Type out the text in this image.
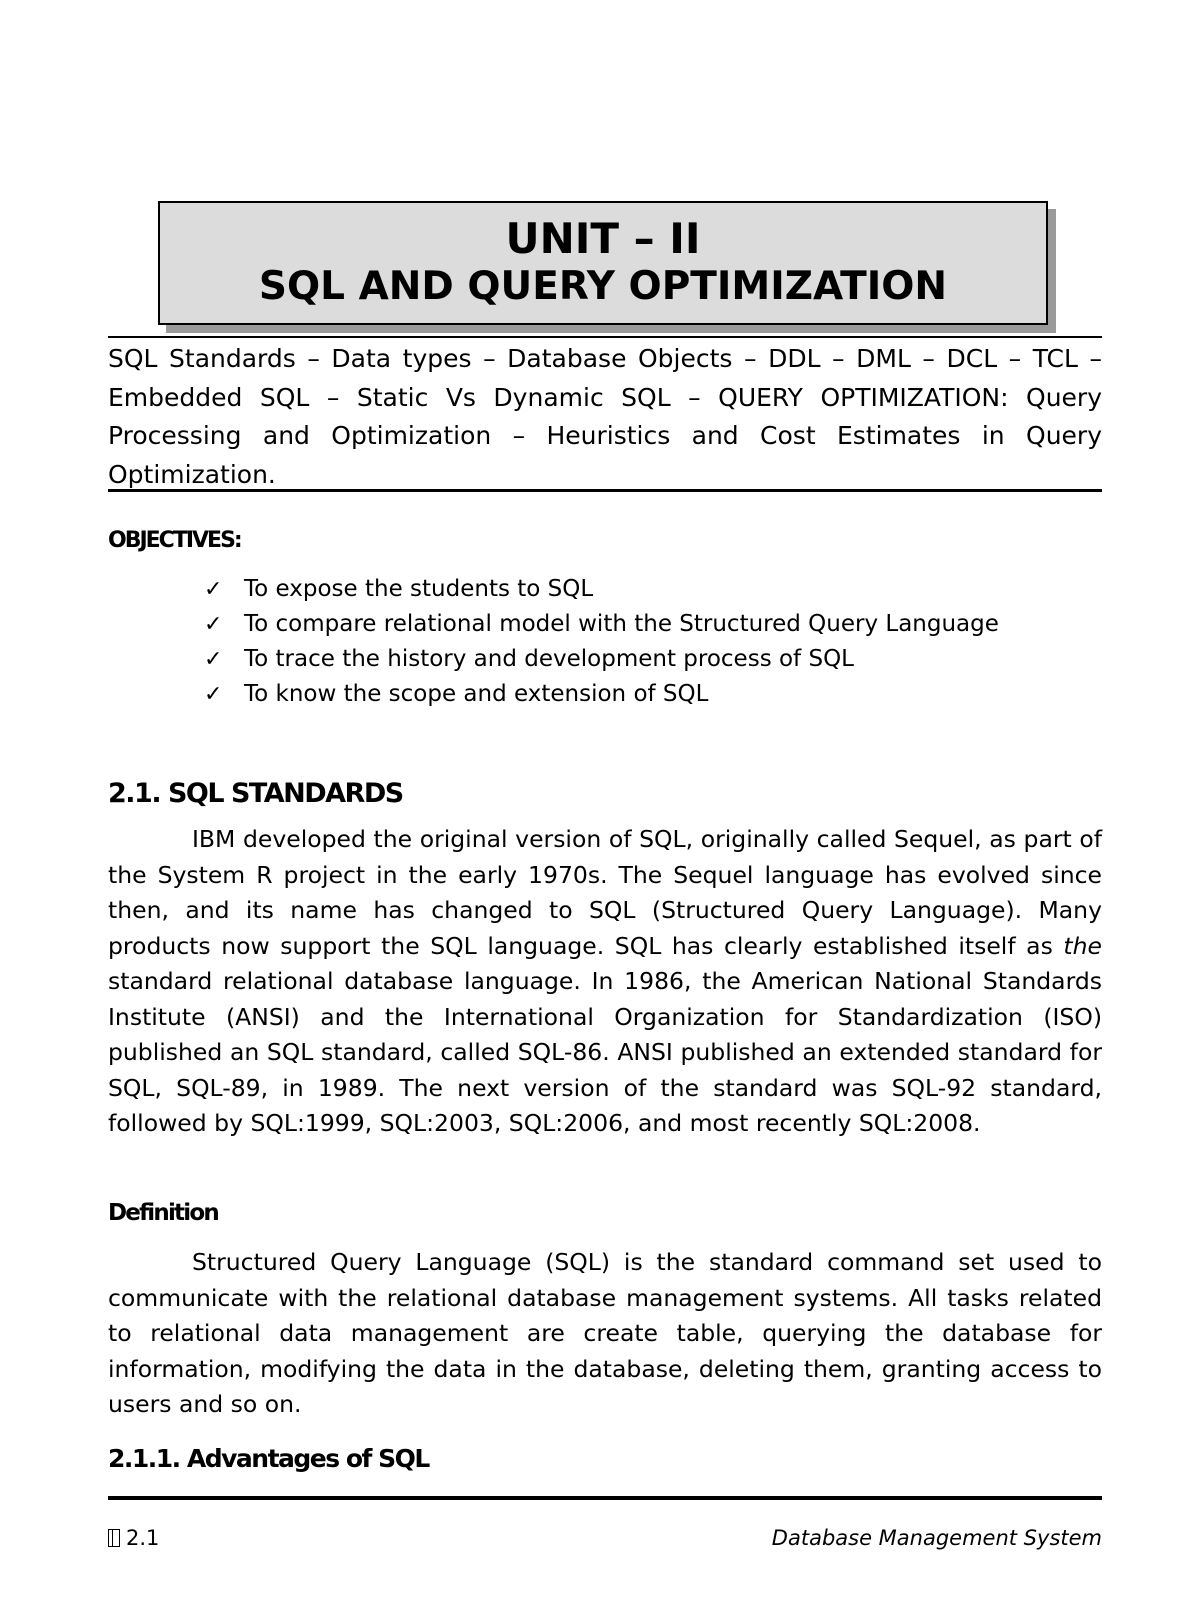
UNIT – II
SQL AND QUERY OPTIMIZATION
SQL Standards – Data types – Database Objects – DDL – DML – DCL – TCL – Embedded SQL – Static Vs Dynamic SQL – QUERY OPTIMIZATION: Query Processing and Optimization – Heuristics and Cost Estimates in Query Optimization.
OBJECTIVES:
✓ To expose the students to SQL
✓ To compare relational model with the Structured Query Language
✓ To trace the history and development process of SQL
✓ To know the scope and extension of SQL
2.1. SQL STANDARDS

IBM developed the original version of SQL, originally called Sequel, as part of the System R project in the early 1970s. The Sequel language has evolved since then, and its name has changed to SQL (Structured Query Language). Many products now support the SQL language. SQL has clearly established itself as the standard relational database language. In 1986, the American National Standards Institute (ANSI) and the International Organization for Standardization (ISO) published an SQL standard, called SQL-86. ANSI published an extended standard for SQL, SQL-89, in 1989. The next version of the standard was SQL-92 standard, followed by SQL:1999, SQL:2003, SQL:2006, and most recently SQL:2008.

Definition

Structured Query Language (SQL) is the standard command set used to communicate with the relational database management systems. All tasks related to relational data management are create table, querying the database for information, modifying the data in the database, deleting them, granting access to users and so on.

2.1.1. Advantages of SQL
2.1	Database Management System
